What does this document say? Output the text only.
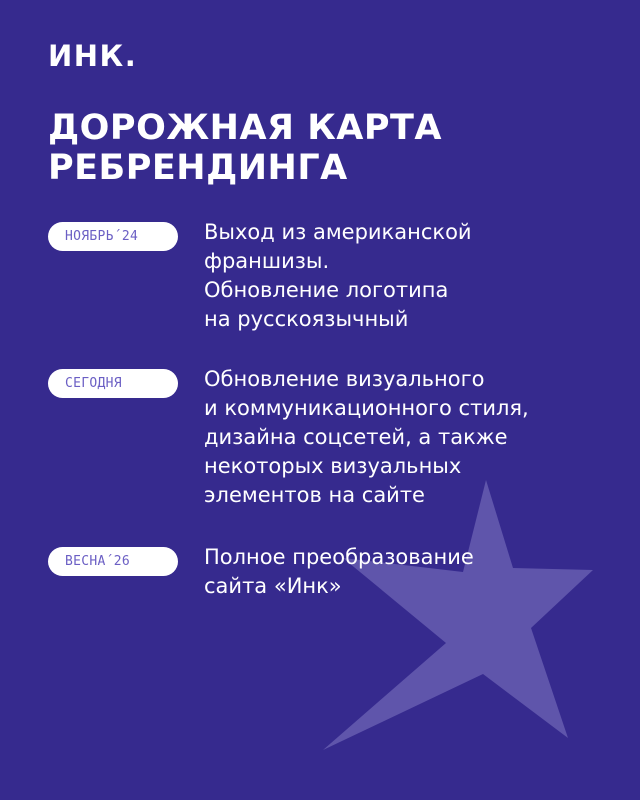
ИНК.
ДОРОЖНАЯ КАРТА
РЕБРЕНДИНГА
НОЯБРЬ´24	Выход из американской
франшизы.
Обновление логотипа
на русскоязычный
СЕГОДНЯ	Обновление визуального
и коммуникационного стиля,
дизайна соцсетей, а также
некоторых визуальных
элементов на сайте
ВЕСНА´26	Полное преобразование
сайта «Инк»
